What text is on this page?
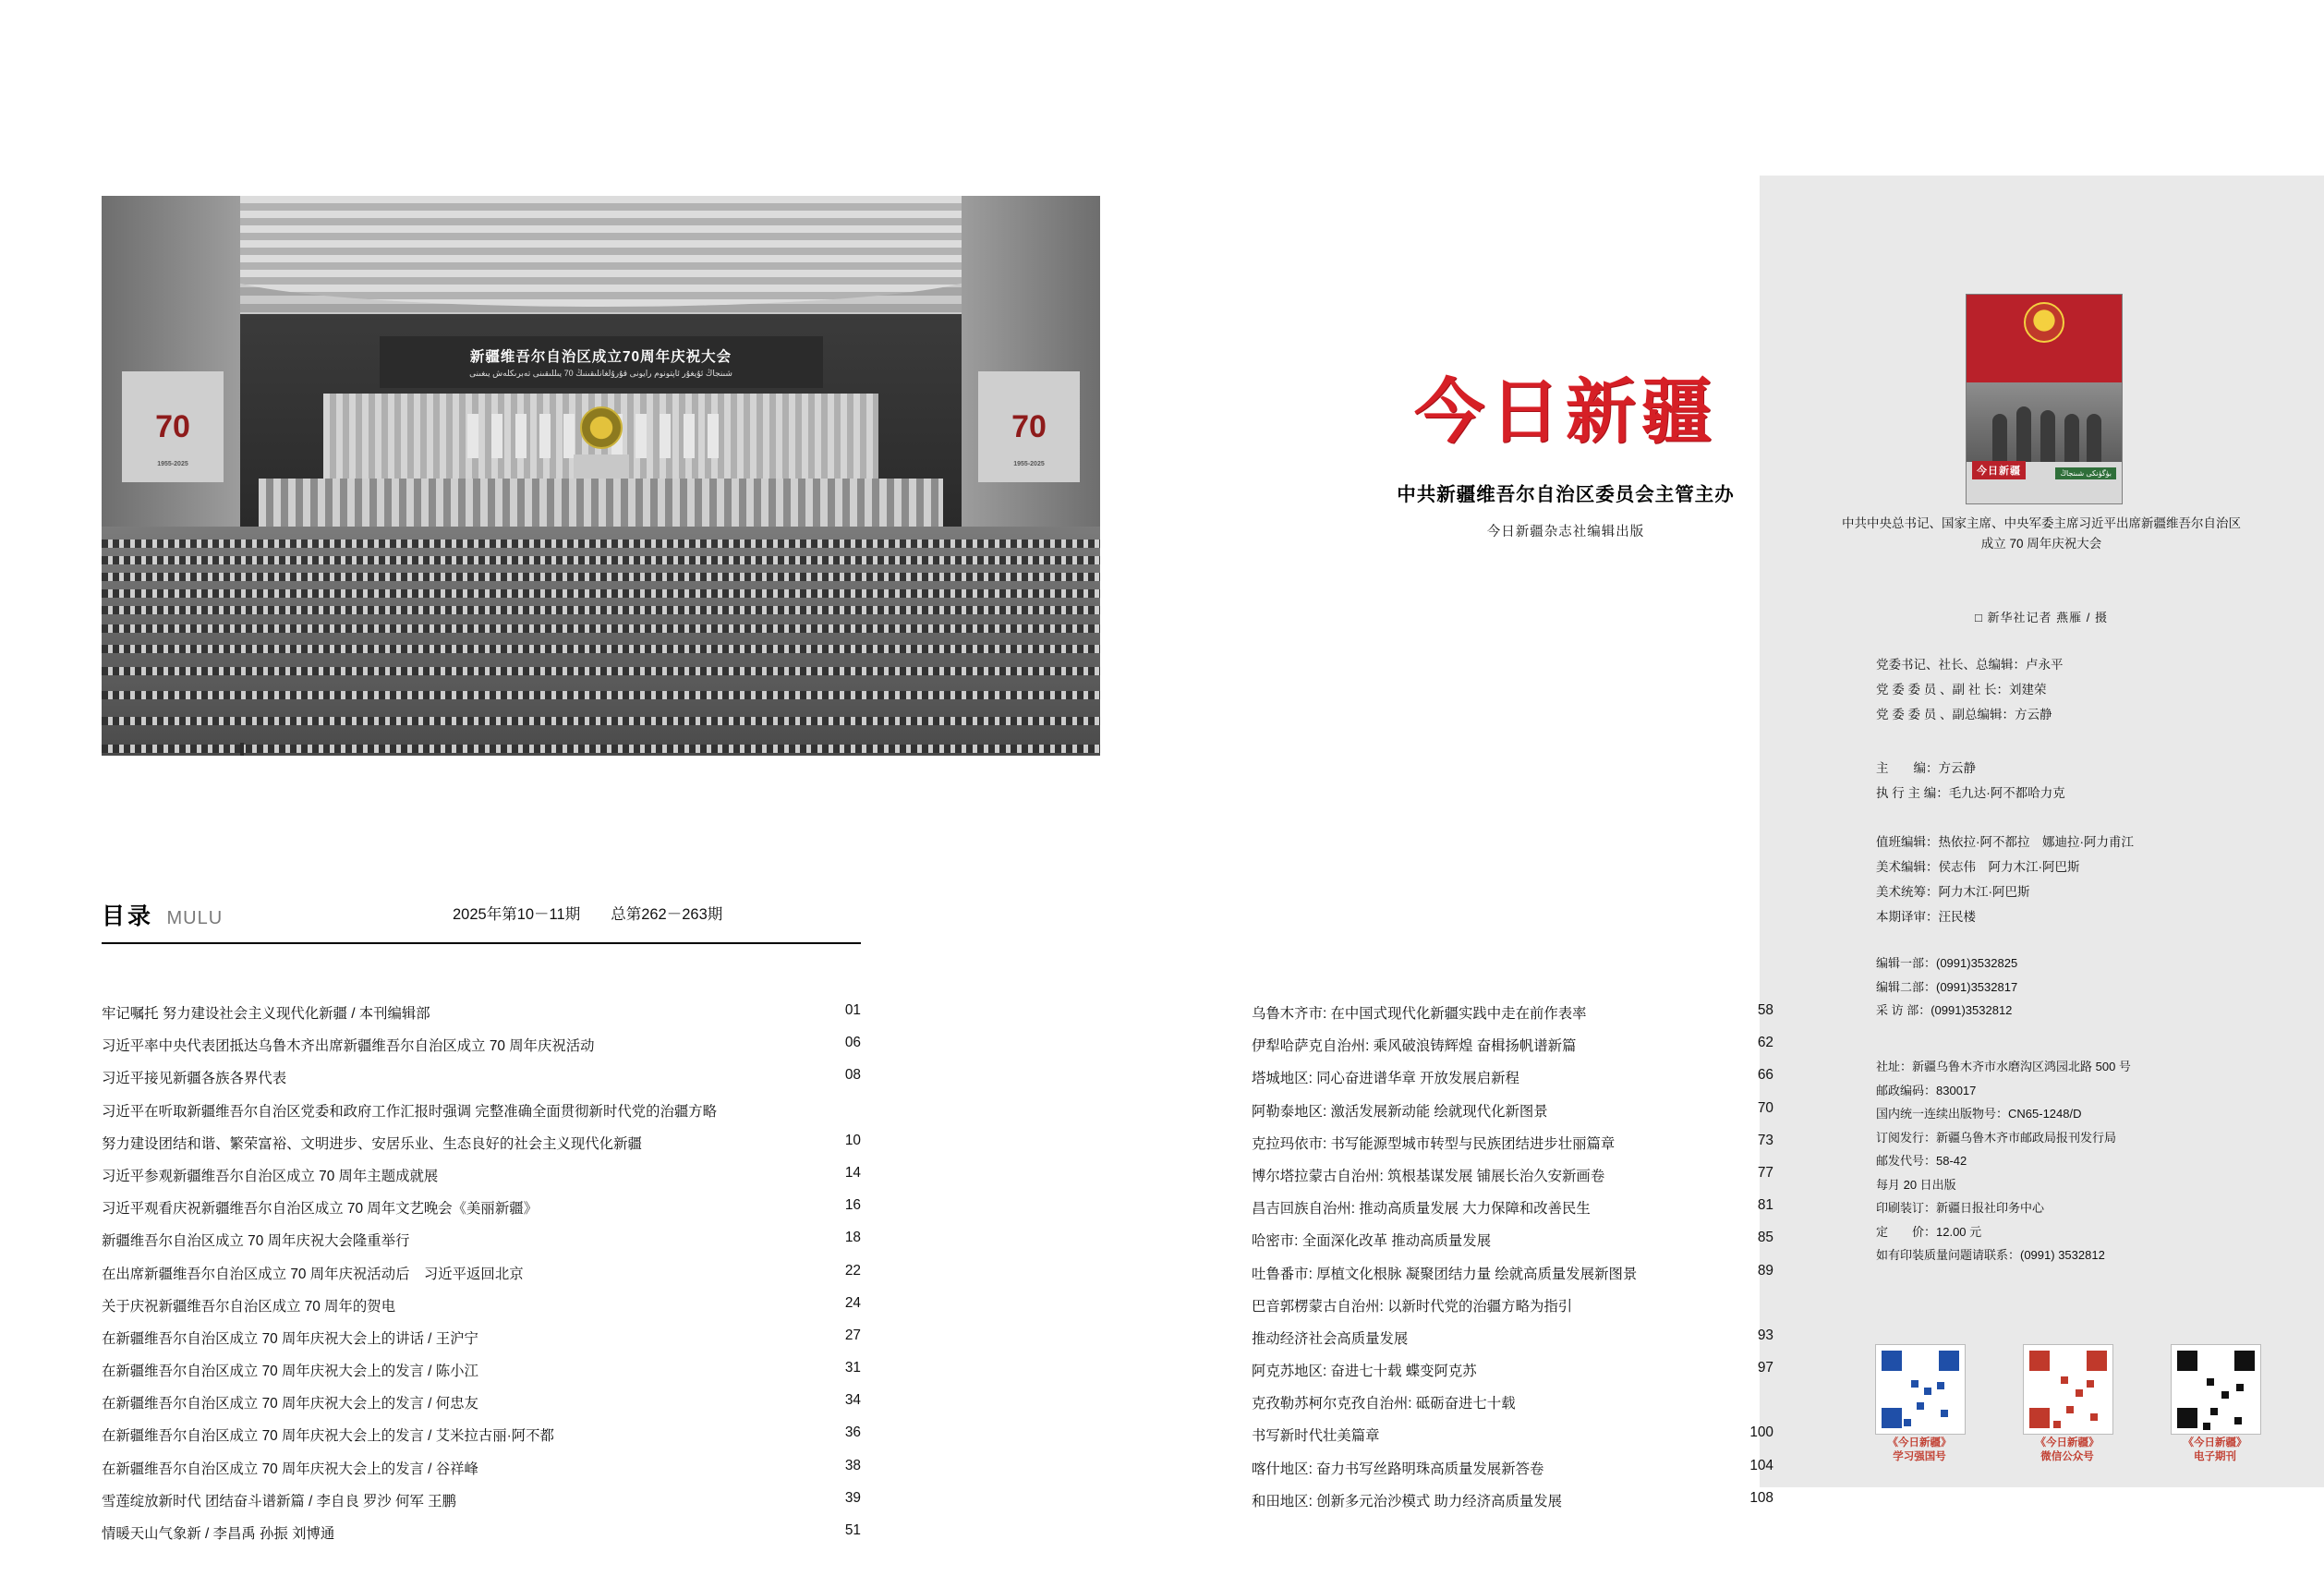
新疆维吾尔自治区成立70周年庆祝大会
شىنجاڭ ئۇيغۇر ئاپتونوم رايونى قۇرۇلغانلىقىنىڭ 70 يىللىقىنى تەبرىكلەش يىغىنى
70
1955-2025
70
1955-2025
今日新疆
中共新疆维吾尔自治区委员会主管主办
今日新疆杂志社编辑出版
今日新疆	بۈگۈنكى شىنجاڭ
中共中央总书记、国家主席、中央军委主席习近平出席新疆维吾尔自治区成立 70 周年庆祝大会
□ 新华社记者 燕雁 / 摄
党委书记、社长、总编辑：卢永平
党 委 委 员 、副 社 长：刘建荣
党 委 委 员 、副总编辑：方云静
主　　编：方云静
执 行 主 编：毛九达·阿不都哈力克
值班编辑：热依拉·阿不都拉　娜迪拉·阿力甫江
美术编辑：侯志伟　阿力木江·阿巴斯
美术统筹：阿力木江·阿巴斯
本期译审：汪民楼
编辑一部：(0991)3532825
编辑二部：(0991)3532817
采 访 部：(0991)3532812
社址：新疆乌鲁木齐市水磨沟区鸿园北路 500 号
邮政编码：830017
国内统一连续出版物号：CN65-1248/D
订阅发行：新疆乌鲁木齐市邮政局报刊发行局
邮发代号：58-42
每月 20 日出版
印刷装订：新疆日报社印务中心
定　　价：12.00 元
如有印装质量问题请联系：(0991) 3532812
《今日新疆》
学习强国号
《今日新疆》
微信公众号
《今日新疆》
电子期刊
目录 MULU	2025年第10－11期　　总第262－263期
牢记嘱托 努力建设社会主义现代化新疆 / 本刊编辑部	01
习近平率中央代表团抵达乌鲁木齐出席新疆维吾尔自治区成立 70 周年庆祝活动	06
习近平接见新疆各族各界代表	08
习近平在听取新疆维吾尔自治区党委和政府工作汇报时强调 完整准确全面贯彻新时代党的治疆方略
努力建设团结和谐、繁荣富裕、文明进步、安居乐业、生态良好的社会主义现代化新疆	10
习近平参观新疆维吾尔自治区成立 70 周年主题成就展	14
习近平观看庆祝新疆维吾尔自治区成立 70 周年文艺晚会《美丽新疆》	16
新疆维吾尔自治区成立 70 周年庆祝大会隆重举行	18
在出席新疆维吾尔自治区成立 70 周年庆祝活动后　习近平返回北京	22
关于庆祝新疆维吾尔自治区成立 70 周年的贺电	24
在新疆维吾尔自治区成立 70 周年庆祝大会上的讲话 / 王沪宁	27
在新疆维吾尔自治区成立 70 周年庆祝大会上的发言 / 陈小江	31
在新疆维吾尔自治区成立 70 周年庆祝大会上的发言 / 何忠友	34
在新疆维吾尔自治区成立 70 周年庆祝大会上的发言 / 艾米拉古丽·阿不都	36
在新疆维吾尔自治区成立 70 周年庆祝大会上的发言 / 谷祥峰	38
雪莲绽放新时代 团结奋斗谱新篇 / 李自良 罗沙 何军 王鹏	39
情暖天山气象新 / 李昌禹 孙振 刘博通	51
乌鲁木齐市: 在中国式现代化新疆实践中走在前作表率	58
伊犁哈萨克自治州: 乘风破浪铸辉煌 奋楫扬帆谱新篇	62
塔城地区: 同心奋进谱华章 开放发展启新程	66
阿勒泰地区: 激活发展新动能 绘就现代化新图景	70
克拉玛依市: 书写能源型城市转型与民族团结进步壮丽篇章	73
博尔塔拉蒙古自治州: 筑根基谋发展 铺展长治久安新画卷	77
昌吉回族自治州: 推动高质量发展 大力保障和改善民生	81
哈密市: 全面深化改革 推动高质量发展	85
吐鲁番市: 厚植文化根脉 凝聚团结力量 绘就高质量发展新图景	89
巴音郭楞蒙古自治州: 以新时代党的治疆方略为指引
推动经济社会高质量发展	93
阿克苏地区: 奋进七十载 蝶变阿克苏	97
克孜勒苏柯尔克孜自治州: 砥砺奋进七十载
书写新时代壮美篇章	100
喀什地区: 奋力书写丝路明珠高质量发展新答卷	104
和田地区: 创新多元治沙模式 助力经济高质量发展	108
